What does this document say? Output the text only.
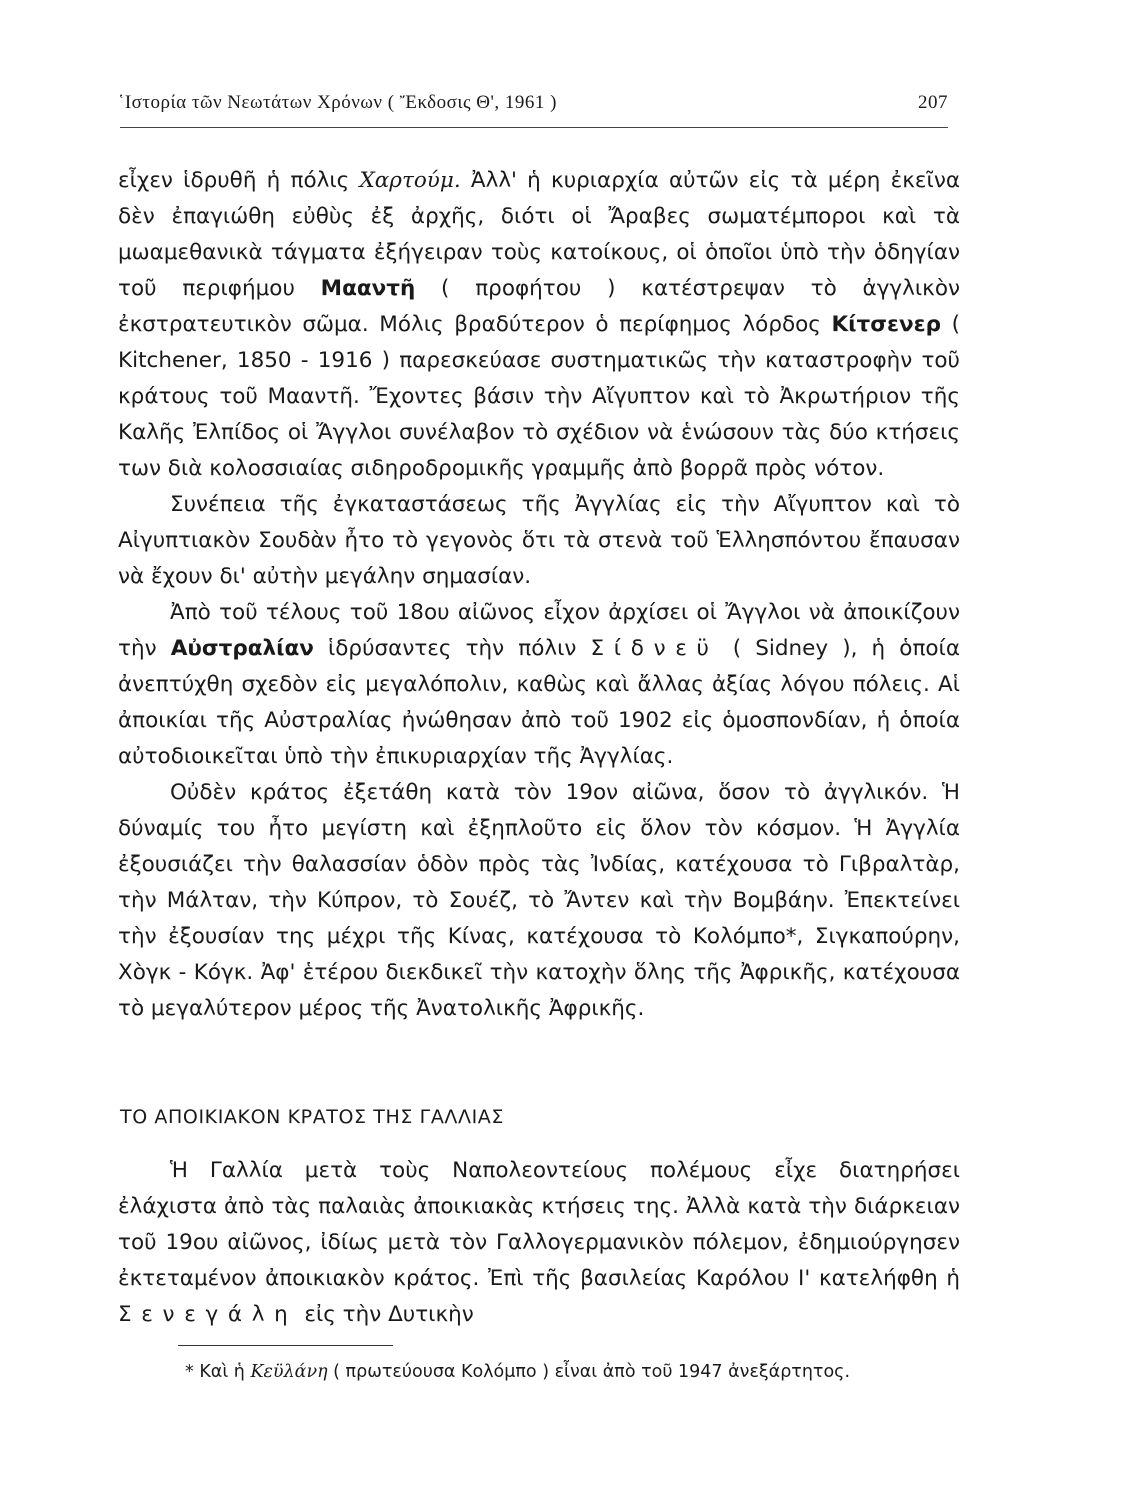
῾Ιστορία τῶν Νεωτάτων Χρόνων ( Ἔκδοσις Θ', 1961 )	207

εἶχεν ἱδρυθῆ ἡ πόλις Χαρτούμ. Ἀλλ' ἡ κυριαρχία αὐτῶν εἰς τὰ μέρη ἐκεῖνα δὲν ἐπαγιώθη εὐθὺς ἐξ ἀρχῆς, διότι οἱ Ἄραβες σωματέμποροι καὶ τὰ μωαμεθανικὰ τάγματα ἐξήγειραν τοὺς κατοίκους, οἱ ὁποῖοι ὑπὸ τὴν ὁδηγίαν τοῦ περιφήμου Μααντῆ ( προφήτου ) κατέστρεψαν τὸ ἀγγλικὸν ἐκστρατευτικὸν σῶμα. Μόλις βραδύτερον ὁ περίφημος λόρδος Κίτσενερ ( Kitchener, 1850 - 1916 ) παρεσκεύασε συστηματικῶς τὴν καταστροφὴν τοῦ κράτους τοῦ Μααντῆ. Ἔχοντες βάσιν τὴν Αἴγυπτον καὶ τὸ Ἀκρωτήριον τῆς Καλῆς Ἐλπίδος οἱ Ἄγγλοι συνέλαβον τὸ σχέδιον νὰ ἑνώσουν τὰς δύο κτήσεις των διὰ κολοσσιαίας σιδηροδρομικῆς γραμμῆς ἀπὸ βορρᾶ πρὸς νότον.

Συνέπεια τῆς ἐγκαταστάσεως τῆς Ἀγγλίας εἰς τὴν Αἴγυπτον καὶ τὸ Αἰγυπτιακὸν Σουδὰν ἦτο τὸ γεγονὸς ὅτι τὰ στενὰ τοῦ Ἑλλησπόντου ἔπαυσαν νὰ ἔχουν δι' αὐτὴν μεγάλην σημασίαν.

Ἀπὸ τοῦ τέλους τοῦ 18ου αἰῶνος εἶχον ἀρχίσει οἱ Ἄγγλοι νὰ ἀποικίζουν τὴν Αὐστραλίαν ἱδρύσαντες τὴν πόλιν Σίδνεϋ ( Sidney ), ἡ ὁποία ἀνεπτύχθη σχεδὸν εἰς μεγαλόπολιν, καθὼς καὶ ἄλλας ἀξίας λόγου πόλεις. Αἱ ἀποικίαι τῆς Αὐστραλίας ἠνώθησαν ἀπὸ τοῦ 1902 εἰς ὁμοσπονδίαν, ἡ ὁποία αὐτοδιοικεῖται ὑπὸ τὴν ἐπικυριαρχίαν τῆς Ἀγγλίας.

Οὐδὲν κράτος ἐξετάθη κατὰ τὸν 19ον αἰῶνα, ὅσον τὸ ἀγγλικόν. Ἡ δύναμίς του ἦτο μεγίστη καὶ ἐξηπλοῦτο εἰς ὅλον τὸν κόσμον. Ἡ Ἀγγλία ἐξουσιάζει τὴν θαλασσίαν ὁδὸν πρὸς τὰς Ἰνδίας, κατέχουσα τὸ Γιβραλτὰρ, τὴν Μάλταν, τὴν Κύπρον, τὸ Σουέζ, τὸ Ἄντεν καὶ τὴν Βομβάην. Ἐπεκτείνει τὴν ἐξουσίαν της μέχρι τῆς Κίνας, κατέχουσα τὸ Κολόμπο*, Σιγκαπούρην, Χὸγκ - Κόγκ. Ἀφ' ἑτέρου διεκδικεῖ τὴν κατοχὴν ὅλης τῆς Ἀφρικῆς, κατέχουσα τὸ μεγαλύτερον μέρος τῆς Ἀνατολικῆς Ἀφρικῆς.

ΤΟ ΑΠΟΙΚΙΑΚΟΝ ΚΡΑΤΟΣ ΤΗΣ ΓΑΛΛΙΑΣ
Ἡ Γαλλία μετὰ τοὺς Ναπολεοντείους πολέμους εἶχε διατηρήσει ἐλάχιστα ἀπὸ τὰς παλαιὰς ἀποικιακὰς κτήσεις της. Ἀλλὰ κατὰ τὴν διάρκειαν τοῦ 19ου αἰῶνος, ἰδίως μετὰ τὸν Γαλλογερμανικὸν πόλεμον, ἐδημιούργησεν ἐκτεταμένον ἀποικιακὸν κράτος. Ἐπὶ τῆς βασιλείας Καρόλου Ι' κατελήφθη ἡ Σενεγάλη εἰς τὴν Δυτικὴν
* Καὶ ἡ Κεϋλάνη ( πρωτεύουσα Κολόμπο ) εἶναι ἀπὸ τοῦ 1947 ἀνεξάρτητος.
